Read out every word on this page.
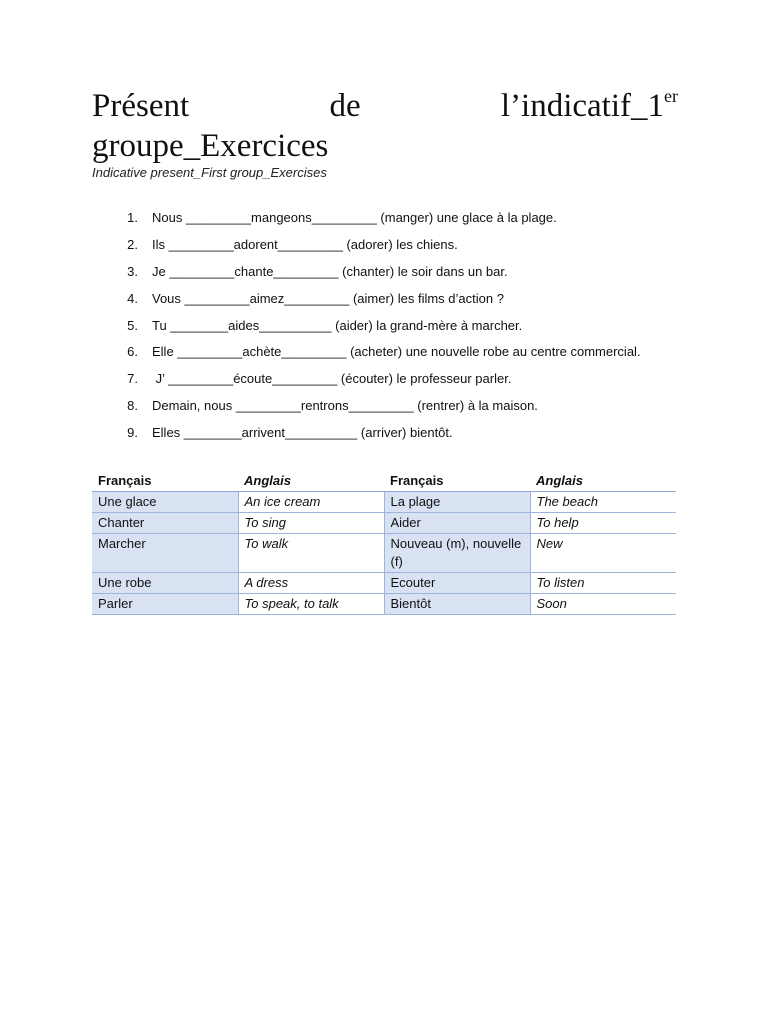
Présent	de	l’indicatif_1er
groupe_Exercices
Indicative present_First group_Exercises
1. Nous _________mangeons_________ (manger) une glace à la plage.
2. Ils _________adorent_________ (adorer) les chiens.
3. Je _________chante_________ (chanter) le soir dans un bar.
4. Vous _________aimez_________ (aimer) les films d’action ?
5. Tu ________aides__________ (aider) la grand-mère à marcher.
6. Elle _________achète_________ (acheter) une nouvelle robe au centre commercial.
7. J’ _________écoute_________ (écouter) le professeur parler.
8. Demain, nous _________rentrons_________ (rentrer) à la maison.
9. Elles ________arrivent__________ (arriver) bientôt.
Français	Anglais	Français	Anglais
Une glace	An ice cream	La plage	The beach
Chanter	To sing	Aider	To help
Marcher	To walk	Nouveau (m), nouvelle (f)	New
Une robe	A dress	Ecouter	To listen
Parler	To speak, to talk	Bientôt	Soon
